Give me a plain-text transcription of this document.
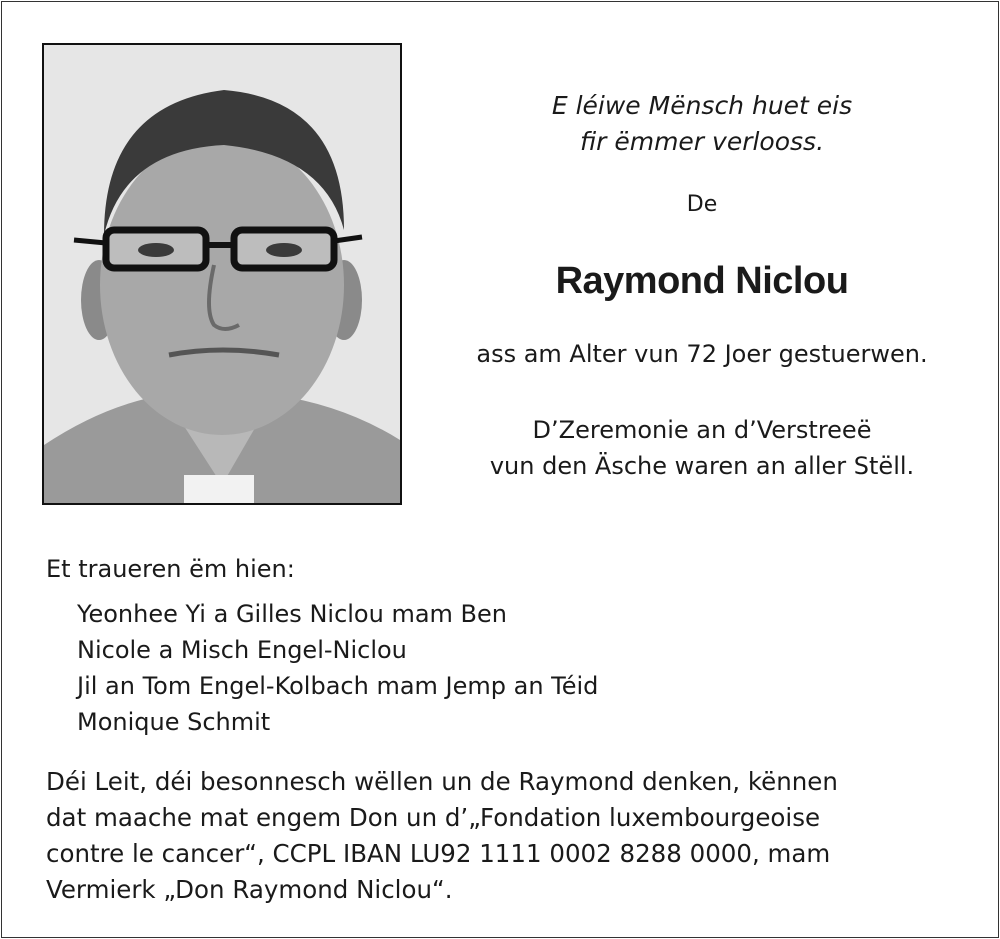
E léiwe Mënsch huet eis
fir ëmmer verlooss.
De
Raymond Niclou
ass am Alter vun 72 Joer gestuerwen.
D’Zeremonie an d’Verstreeë
vun den Äsche waren an aller Stëll.
Et traueren ëm hien:
Yeonhee Yi a Gilles Niclou mam Ben
Nicole a Misch Engel-Niclou
Jil an Tom Engel-Kolbach mam Jemp an Téid
Monique Schmit
Déi Leit, déi besonnesch wëllen un de Raymond denken, kënnen
dat maache mat engem Don un d’„Fondation luxembourgeoise
contre le cancer“, CCPL IBAN LU92 1111 0002 8288 0000, mam
Vermierk „Don Raymond Niclou“.
